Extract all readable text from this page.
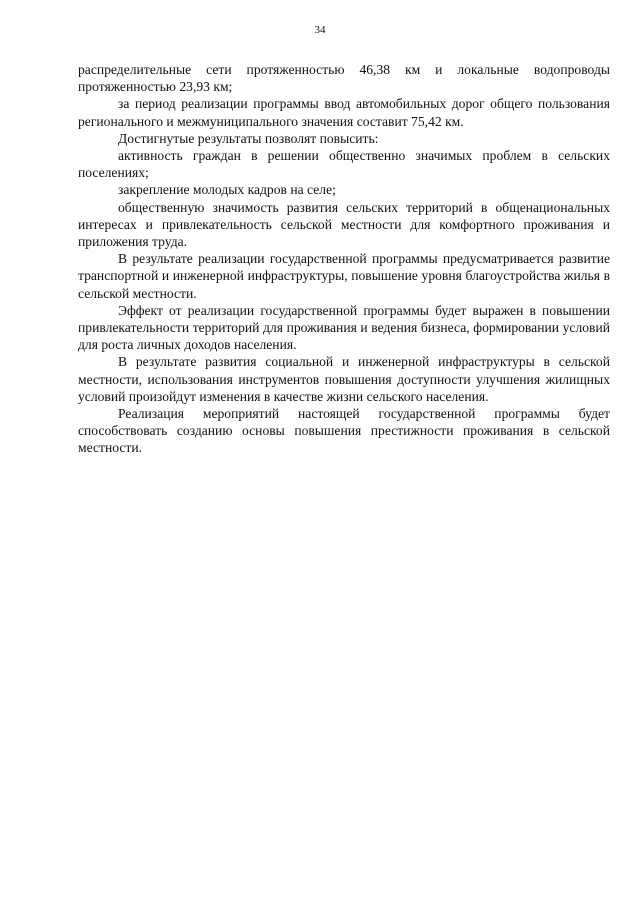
34

распределительные сети протяженностью 46,38 км и локальные водопроводы протяженностью 23,93 км;

за период реализации программы ввод автомобильных дорог общего пользования регионального и межмуниципального значения составит 75,42 км.

Достигнутые результаты позволят повысить:

активность граждан в решении общественно значимых проблем в сельских поселениях;

закрепление молодых кадров на селе;

общественную значимость развития сельских территорий в общенациональных интересах и привлекательность сельской местности для комфортного проживания и приложения труда.

В результате реализации государственной программы предусматривается развитие транспортной и инженерной инфраструктуры, повышение уровня благоустройства жилья в сельской местности.

Эффект от реализации государственной программы будет выражен в повышении привлекательности территорий для проживания и ведения бизнеса, формировании условий для роста личных доходов населения.

В результате развития социальной и инженерной инфраструктуры в сельской местности, использования инструментов повышения доступности улучшения жилищных условий произойдут изменения в качестве жизни сельского населения.

Реализация мероприятий настоящей государственной программы будет способствовать созданию основы повышения престижности проживания в сельской местности.
